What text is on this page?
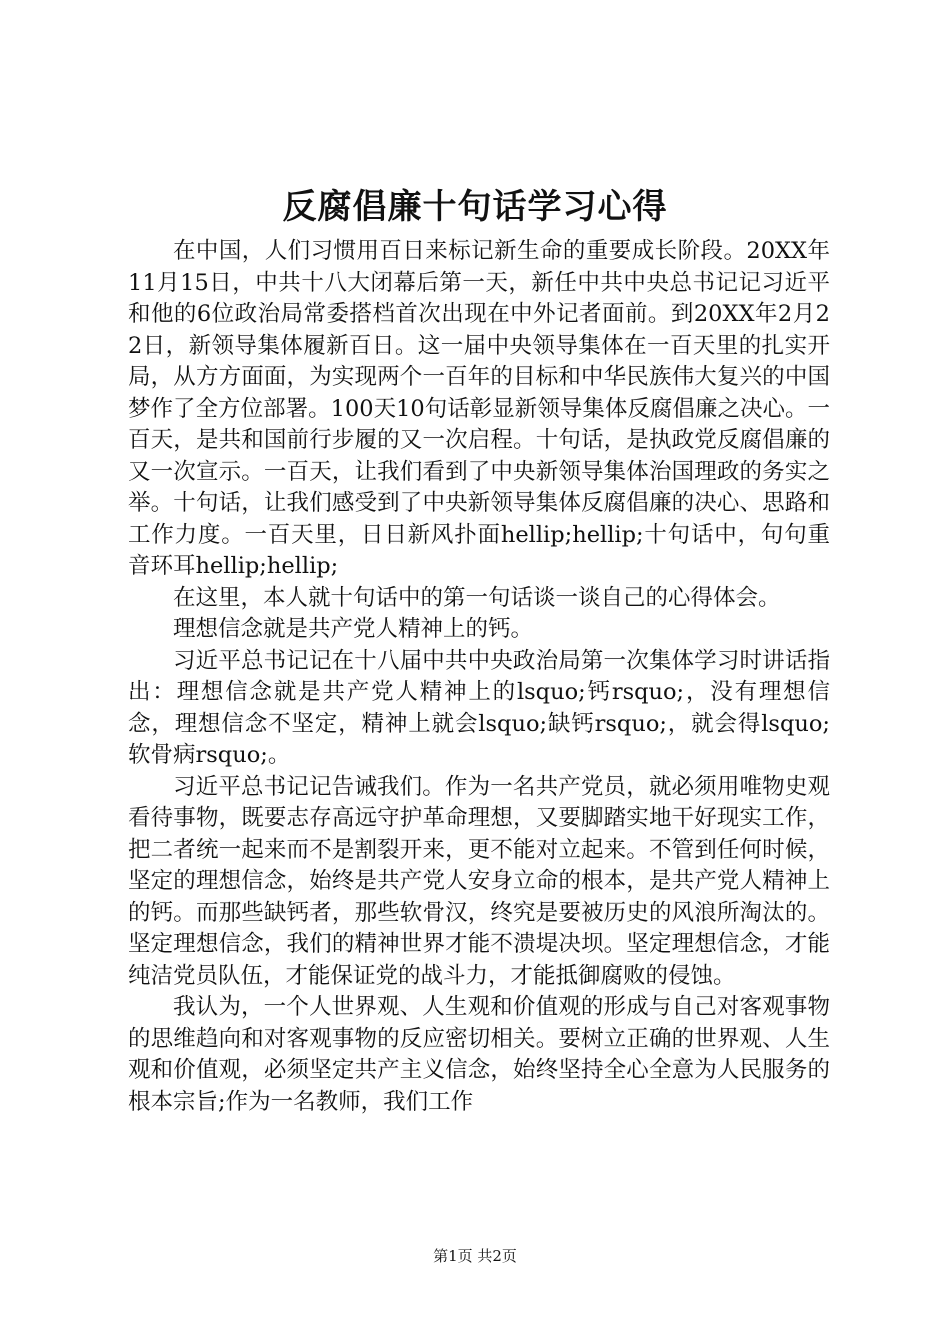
反腐倡廉十句话学习心得

在中国，人们习惯用百日来标记新生命的重要成长阶段。20XX年11月15日，中共十八大闭幕后第一天，新任中共中央总书记记习近平和他的6位政治局常委搭档首次出现在中外记者面前。到20XX年2月22日，新领导集体履新百日。这一届中央领导集体在一百天里的扎实开局，从方方面面，为实现两个一百年的目标和中华民族伟大复兴的中国梦作了全方位部署。100天10句话彰显新领导集体反腐倡廉之决心。一百天，是共和国前行步履的又一次启程。十句话，是执政党反腐倡廉的又一次宣示。一百天，让我们看到了中央新领导集体治国理政的务实之举。十句话，让我们感受到了中央新领导集体反腐倡廉的决心、思路和工作力度。一百天里，日日新风扑面hellip;hellip;十句话中，句句重音环耳hellip;hellip;

在这里，本人就十句话中的第一句话谈一谈自己的心得体会。

理想信念就是共产党人精神上的钙。

习近平总书记记在十八届中共中央政治局第一次集体学习时讲话指出：理想信念就是共产党人精神上的lsquo;钙rsquo;，没有理想信念，理想信念不坚定，精神上就会lsquo;缺钙rsquo;，就会得lsquo;软骨病rsquo;。

习近平总书记记告诫我们。作为一名共产党员，就必须用唯物史观看待事物，既要志存高远守护革命理想，又要脚踏实地干好现实工作，把二者统一起来而不是割裂开来，更不能对立起来。不管到任何时候，坚定的理想信念，始终是共产党人安身立命的根本，是共产党人精神上的钙。而那些缺钙者，那些软骨汉，终究是要被历史的风浪所淘汰的。坚定理想信念，我们的精神世界才能不溃堤决坝。坚定理想信念，才能纯洁党员队伍，才能保证党的战斗力，才能抵御腐败的侵蚀。

我认为，一个人世界观、人生观和价值观的形成与自己对客观事物的思维趋向和对客观事物的反应密切相关。要树立正确的世界观、人生观和价值观，必须坚定共产主义信念，始终坚持全心全意为人民服务的根本宗旨;作为一名教师，我们工作

第1页 共2页
